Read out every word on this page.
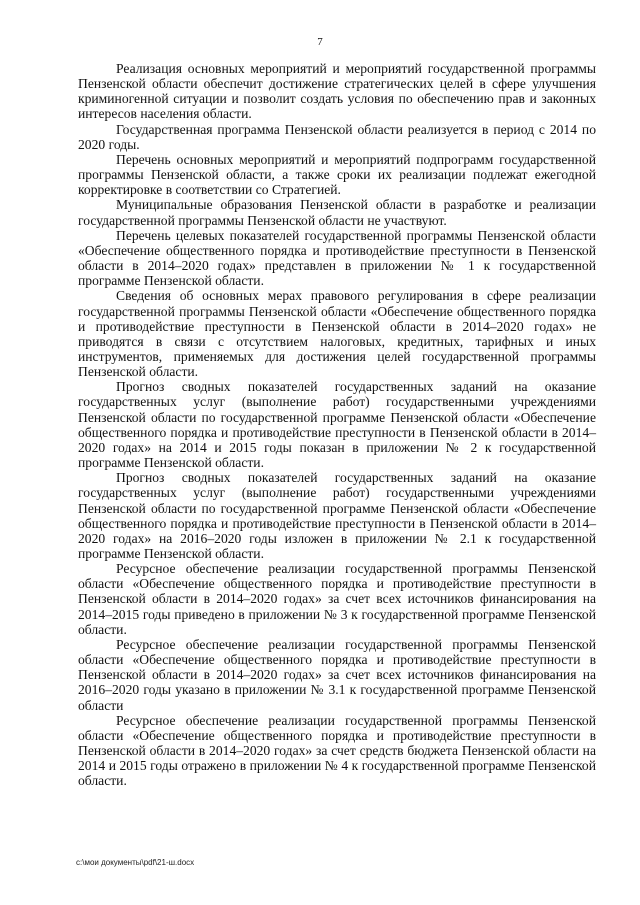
7

Реализация основных мероприятий и мероприятий государственной программы Пензенской области обеспечит достижение стратегических целей в сфере улучшения криминогенной ситуации и позволит создать условия по обеспечению прав и законных интересов населения области.

Государственная программа Пензенской области реализуется в период с 2014 по 2020 годы.

Перечень основных мероприятий и мероприятий подпрограмм государственной программы Пензенской области, а также сроки их реализации подлежат ежегодной корректировке в соответствии со Стратегией.

Муниципальные образования Пензенской области в разработке и реализации государственной программы Пензенской области не участвуют.

Перечень целевых показателей государственной программы Пензенской области «Обеспечение общественного порядка и противодействие преступности в Пензенской области в 2014–2020 годах» представлен в приложении № 1 к государственной программе Пензенской области.

Сведения об основных мерах правового регулирования в сфере реализации государственной программы Пензенской области «Обеспечение общественного порядка и противодействие преступности в Пензенской области в 2014–2020 годах» не приводятся в связи с отсутствием налоговых, кредитных, тарифных и иных инструментов, применяемых для достижения целей государственной программы Пензенской области.

Прогноз сводных показателей государственных заданий на оказание государственных услуг (выполнение работ) государственными учреждениями Пензенской области по государственной программе Пензенской области «Обеспечение общественного порядка и противодействие преступности в Пензенской области в 2014–2020 годах» на 2014 и 2015 годы показан в приложении № 2 к государственной программе Пензенской области.

Прогноз сводных показателей государственных заданий на оказание государственных услуг (выполнение работ) государственными учреждениями Пензенской области по государственной программе Пензенской области «Обеспечение общественного порядка и противодействие преступности в Пензенской области в 2014–2020 годах» на 2016–2020 годы изложен в приложении № 2.1 к государственной программе Пензенской области.

Ресурсное обеспечение реализации государственной программы Пензенской области «Обеспечение общественного порядка и противодействие преступности в Пензенской области в 2014–2020 годах» за счет всех источников финансирования на 2014–2015 годы приведено в приложении № 3 к государственной программе Пензенской области.

Ресурсное обеспечение реализации государственной программы Пензенской области «Обеспечение общественного порядка и противодействие преступности в Пензенской области в 2014–2020 годах» за счет всех источников финансирования на 2016–2020 годы указано в приложении № 3.1 к государственной программе Пензенской области

Ресурсное обеспечение реализации государственной программы Пензенской области «Обеспечение общественного порядка и противодействие преступности в Пензенской области в 2014–2020 годах» за счет средств бюджета Пензенской области на 2014 и 2015 годы отражено в приложении № 4 к государственной программе Пензенской области.

c:\мои документы\pdf\21-ш.docx
